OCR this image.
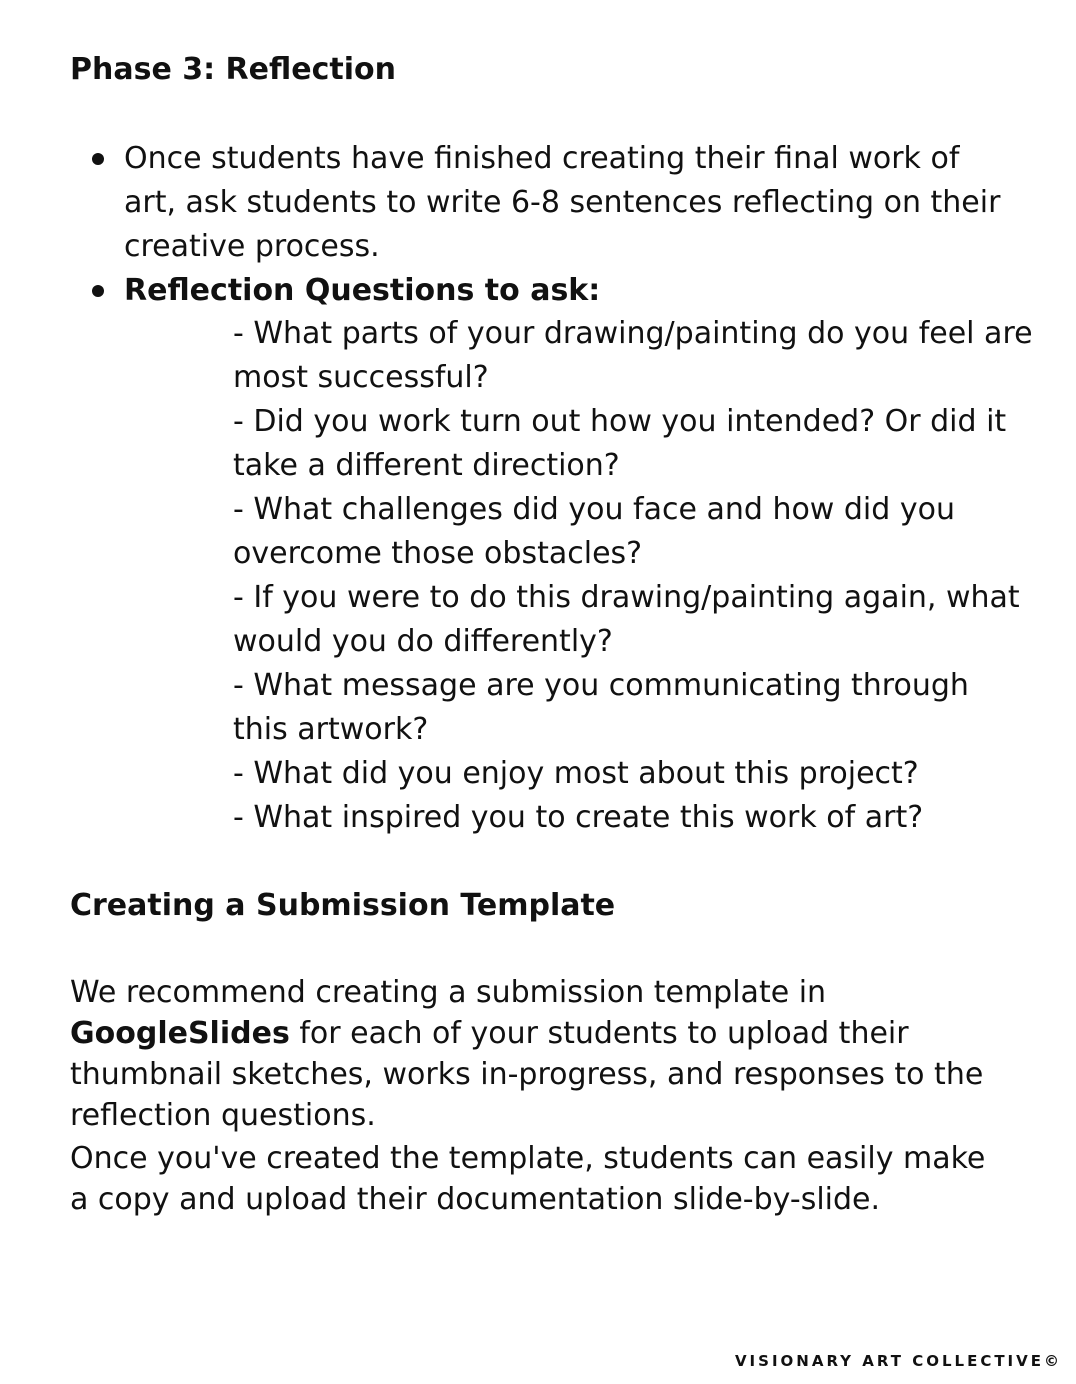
Phase 3: Reflection
Once students have finished creating their final work of art, ask students to write 6-8 sentences reflecting on their creative process.
Reflection Questions to ask:
- What parts of your drawing/painting do you feel are most successful?
- Did you work turn out how you intended? Or did it take a different direction?
- What challenges did you face and how did you overcome those obstacles?
- If you were to do this drawing/painting again, what would you do differently?
- What message are you communicating through this artwork?
- What did you enjoy most about this project?
- What inspired you to create this work of art?
Creating a Submission Template

We recommend creating a submission template in GoogleSlides for each of your students to upload their thumbnail sketches, works in-progress, and responses to the reflection questions.

Once you've created the template, students can easily make a copy and upload their documentation slide-by-slide.

VISIONARY ART COLLECTIVE©
